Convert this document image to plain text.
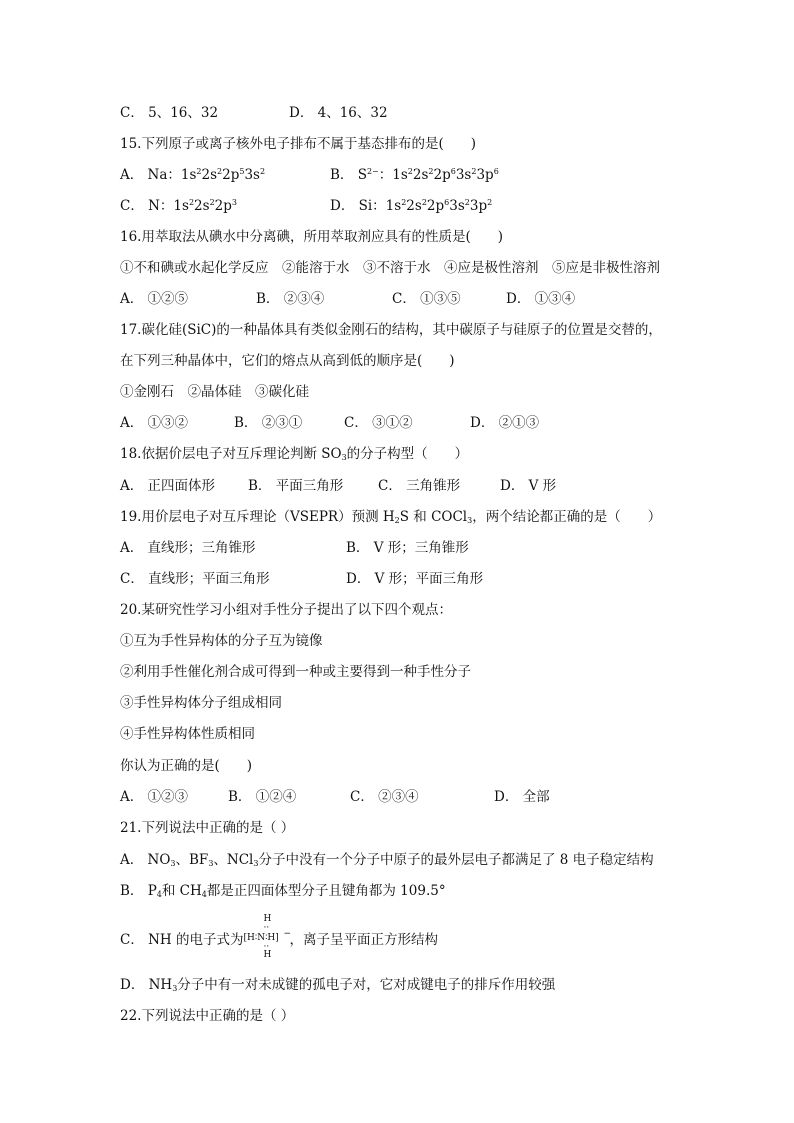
C． 5、16、32	D． 4、16、32
15.下列原子或离子核外电子排布不属于基态排布的是(　　)
A． Na：$1s^22s^22p^53s^2$	B． $S^{2-}$：$1s^22s^22p^63s^23p^6$
C． N：$1s^22s^22p^3$	D． Si：$1s^22s^22p^63s^23p^2$
16.用萃取法从碘水中分离碘，所用萃取剂应具有的性质是(　　)
①不和碘或水起化学反应　②能溶于水　③不溶于水　④应是极性溶剂　⑤应是非极性溶剂
A． ①②⑤	B． ②③④	C． ①③⑤	D． ①③④
17.碳化硅(SiC)的一种晶体具有类似金刚石的结构，其中碳原子与硅原子的位置是交替的，
在下列三种晶体中，它们的熔点从高到低的顺序是(　　)
①金刚石　②晶体硅　③碳化硅
A． ①③②	B． ②③①	C． ③①②	D． ②①③
18.依据价层电子对互斥理论判断 $SO_3$的分子构型（　　）
A． 正四面体形 B． 平面三角形	C． 三角锥形	D． V 形
19.用价层电子对互斥理论（VSEPR）预测 $H_2S$ 和 COCl$_3$，两个结论都正确的是（　　）
A． 直线形；三角锥形	B． V 形；三角锥形
C． 直线形；平面三角形	D． V 形；平面三角形
20.某研究性学习小组对手性分子提出了以下四个观点：
①互为手性异构体的分子互为镜像
②利用手性催化剂合成可得到一种或主要得到一种手性分子
③手性异构体分子组成相同
④手性异构体性质相同
你认为正确的是(　　)
A． ①②③	B． ①②④	C． ②③④	D． 全部
21.下列说法中正确的是（ ）
A． $NO_3$、$BF_3$、NCl$_3$分子中没有一个分子中原子的最外层电子都满足了 8 电子稳定结构
B． $P_4$和 $CH_4$都是正四面体型分子且键角都为 109.5°
C． NH 的电子式为
H
··
[H∶N∶H]
··
H
−
，离子呈平面正方形结构
D． $NH_3$分子中有一对未成键的孤电子对，它对成键电子的排斥作用较强
22.下列说法中正确的是（ ）
